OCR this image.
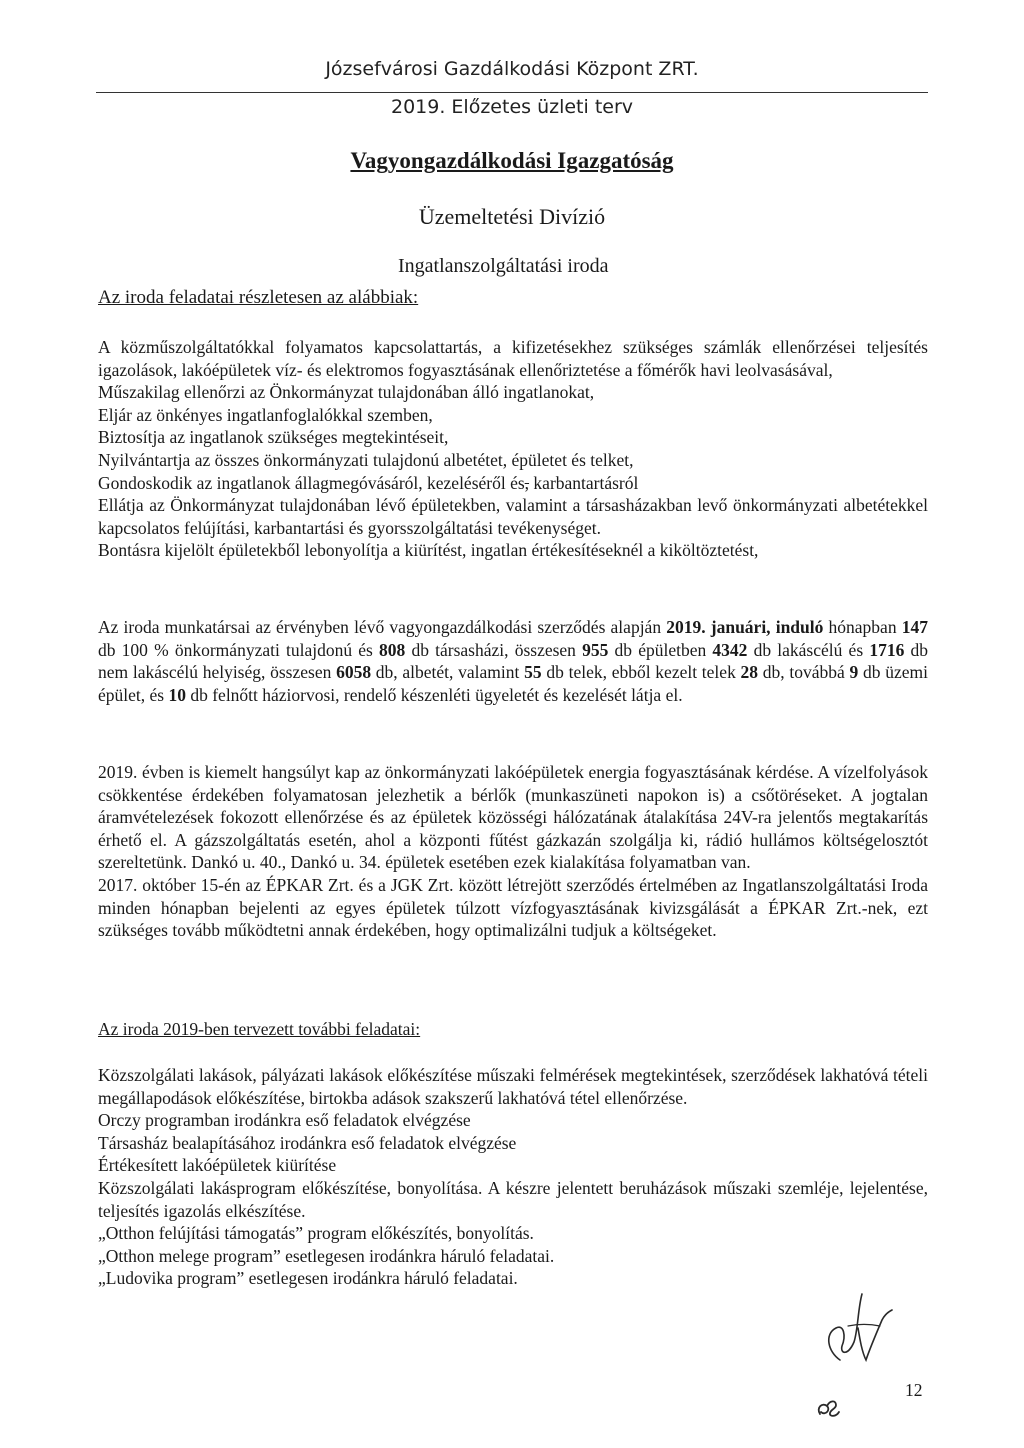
Józsefvárosi Gazdálkodási Központ ZRT.
2019. Előzetes üzleti terv
Vagyongazdálkodási Igazgatóság
Üzemeltetési Divízió
Ingatlanszolgáltatási iroda
Az iroda feladatai részletesen az alábbiak:

A közműszolgáltatókkal folyamatos kapcsolattartás, a kifizetésekhez szükséges számlák ellenőrzései teljesítés igazolások, lakóépületek víz- és elektromos fogyasztásának ellenőriztetése a főmérők havi leolvasásával,

Műszakilag ellenőrzi az Önkormányzat tulajdonában álló ingatlanokat,

Eljár az önkényes ingatlanfoglalókkal szemben,

Biztosítja az ingatlanok szükséges megtekintéseit,

Nyilvántartja az összes önkormányzati tulajdonú albetétet, épületet és telket,

Gondoskodik az ingatlanok állagmegóvásáról, kezeléséről és, karbantartásról

Ellátja az Önkormányzat tulajdonában lévő épületekben, valamint a társasházakban levő önkormányzati albetétekkel kapcsolatos felújítási, karbantartási és gyorsszolgáltatási tevékenységet.

Bontásra kijelölt épületekből lebonyolítja a kiürítést, ingatlan értékesítéseknél a kiköltöztetést,

Az iroda munkatársai az érvényben lévő vagyongazdálkodási szerződés alapján 2019. januári, induló hónapban 147 db 100 % önkormányzati tulajdonú és 808 db társasházi, összesen 955 db épületben 4342 db lakáscélú és 1716 db nem lakáscélú helyiség, összesen 6058 db, albetét, valamint 55 db telek, ebből kezelt telek 28 db, továbbá 9 db üzemi épület, és 10 db felnőtt háziorvosi, rendelő készenléti ügyeletét és kezelését látja el.

2019. évben is kiemelt hangsúlyt kap az önkormányzati lakóépületek energia fogyasztásának kérdése. A vízelfolyások csökkentése érdekében folyamatosan jelezhetik a bérlők (munkaszüneti napokon is) a csőtöréseket. A jogtalan áramvételezések fokozott ellenőrzése és az épületek közösségi hálózatának átalakítása 24V-ra jelentős megtakarítás érhető el. A gázszolgáltatás esetén, ahol a központi fűtést gázkazán szolgálja ki, rádió hullámos költségelosztót szereltetünk. Dankó u. 40., Dankó u. 34. épületek esetében ezek kialakítása folyamatban van.

2017. október 15-én az ÉPKAR Zrt. és a JGK Zrt. között létrejött szerződés értelmében az Ingatlanszolgáltatási Iroda minden hónapban bejelenti az egyes épületek túlzott vízfogyasztásának kivizsgálását a ÉPKAR Zrt.-nek, ezt szükséges tovább működtetni annak érdekében, hogy optimalizálni tudjuk a költségeket.

Az iroda 2019-ben tervezett további feladatai:

Közszolgálati lakások, pályázati lakások előkészítése műszaki felmérések megtekintések, szerződések lakhatóvá tételi megállapodások előkészítése, birtokba adások szakszerű lakhatóvá tétel ellenőrzése.

Orczy programban irodánkra eső feladatok elvégzése

Társasház bealapításához irodánkra eső feladatok elvégzése

Értékesített lakóépületek kiürítése

Közszolgálati lakásprogram előkészítése, bonyolítása. A készre jelentett beruházások műszaki szemléje, lejelentése, teljesítés igazolás elkészítése.

„Otthon felújítási támogatás” program előkészítés, bonyolítás.

„Otthon melege program” esetlegesen irodánkra háruló feladatai.

„Ludovika program” esetlegesen irodánkra háruló feladatai.

12
